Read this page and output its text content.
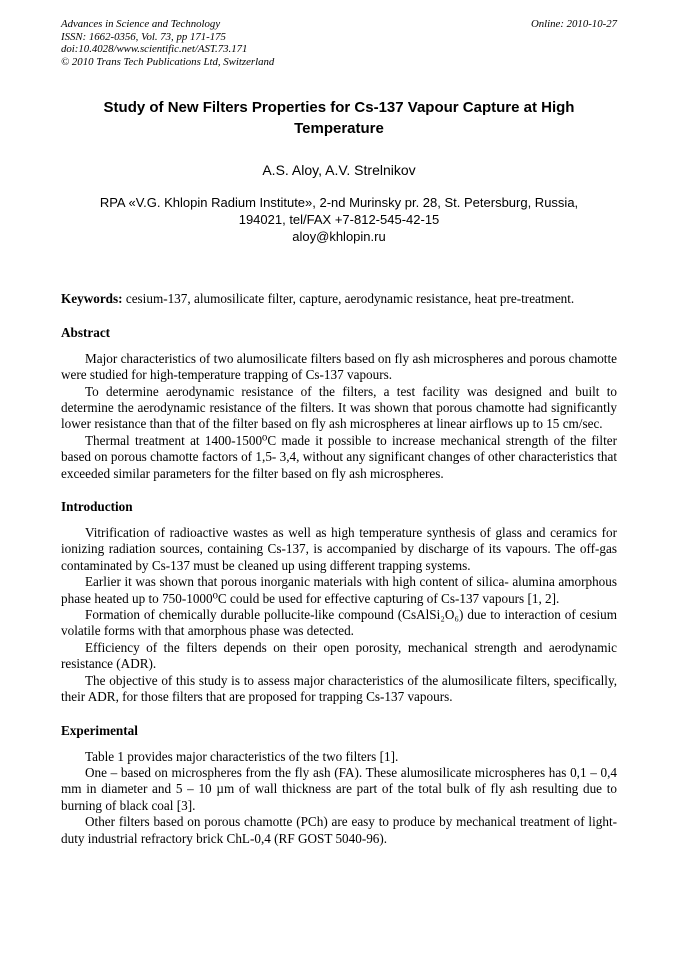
Advances in Science and Technology
ISSN: 1662-0356, Vol. 73, pp 171-175
doi:10.4028/www.scientific.net/AST.73.171
© 2010 Trans Tech Publications Ltd, Switzerland
Online: 2010-10-27
Study of New Filters Properties for Cs-137 Vapour Capture at High Temperature
A.S. Aloy, A.V. Strelnikov
RPA «V.G. Khlopin Radium Institute», 2-nd Murinsky pr. 28, St. Petersburg, Russia,
194021, tel/FAX +7-812-545-42-15
aloy@khlopin.ru

Keywords: cesium-137, alumosilicate filter, capture, aerodynamic resistance, heat pre-treatment.

Abstract

Major characteristics of two alumosilicate filters based on fly ash microspheres and porous chamotte were studied for high-temperature trapping of Cs-137 vapours.

To determine aerodynamic resistance of the filters, a test facility was designed and built to determine the aerodynamic resistance of the filters. It was shown that porous chamotte had significantly lower resistance than that of the filter based on fly ash microspheres at linear airflows up to 15 cm/sec.

Thermal treatment at 1400-1500⁰C made it possible to increase mechanical strength of the filter based on porous chamotte factors of 1,5- 3,4, without any significant changes of other characteristics that exceeded similar parameters for the filter based on fly ash microspheres.

Introduction

Vitrification of radioactive wastes as well as high temperature synthesis of glass and ceramics for ionizing radiation sources, containing Cs-137, is accompanied by discharge of its vapours. The off-gas contaminated by Cs-137 must be cleaned up using different trapping systems.

Earlier it was shown that porous inorganic materials with high content of silica- alumina amorphous phase heated up to 750-1000⁰C could be used for effective capturing of Cs-137 vapours [1, 2].

Formation of chemically durable pollucite-like compound (CsAlSi₂O₆) due to interaction of cesium volatile forms with that amorphous phase was detected.

Efficiency of the filters depends on their open porosity, mechanical strength and aerodynamic resistance (ADR).

The objective of this study is to assess major characteristics of the alumosilicate filters, specifically, their ADR, for those filters that are proposed for trapping Cs-137 vapours.

Experimental

Table 1 provides major characteristics of the two filters [1].

One – based on microspheres from the fly ash (FA). These alumosilicate microspheres has 0,1 – 0,4 mm in diameter and 5 – 10 µm of wall thickness are part of the total bulk of fly ash resulting due to burning of black coal [3].

Other filters based on porous chamotte (PCh) are easy to produce by mechanical treatment of light-duty industrial refractory brick ChL-0,4 (RF GOST 5040-96).
